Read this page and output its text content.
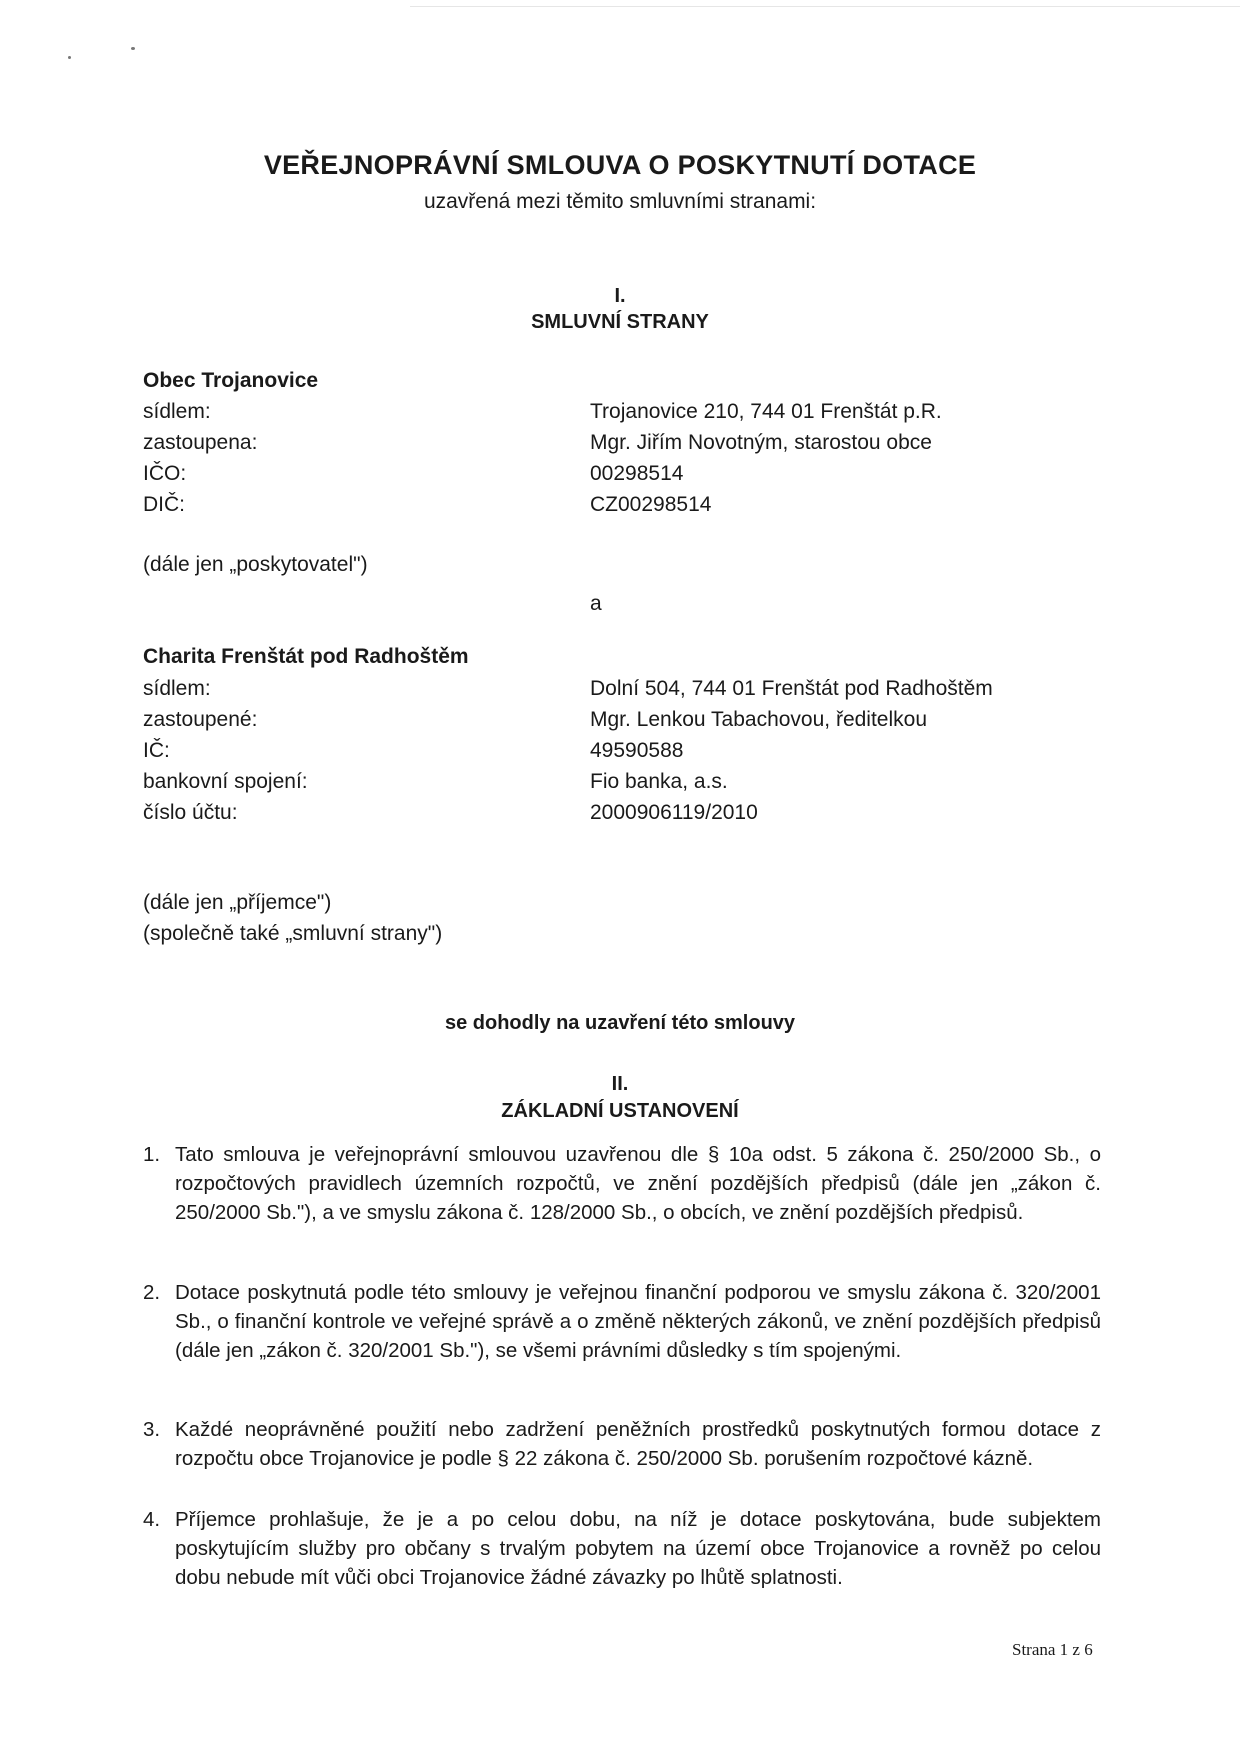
VEŘEJNOPRÁVNÍ SMLOUVA O POSKYTNUTÍ DOTACE
uzavřená mezi těmito smluvními stranami:
I.
SMLUVNÍ STRANY
Obec Trojanovice
sídlem:	Trojanovice 210, 744 01 Frenštát p.R.
zastoupena:	Mgr. Jiřím Novotným, starostou obce
IČO:	00298514
DIČ:	CZ00298514
(dále jen „poskytovatel")
a
Charita Frenštát pod Radhoštěm
sídlem:	Dolní 504, 744 01 Frenštát pod Radhoštěm
zastoupené:	Mgr. Lenkou Tabachovou, ředitelkou
IČ:	49590588
bankovní spojení:	Fio banka, a.s.
číslo účtu:	2000906119/2010
(dále jen „příjemce")
(společně také „smluvní strany")
se dohodly na uzavření této smlouvy
II.
ZÁKLADNÍ USTANOVENÍ
1. Tato smlouva je veřejnoprávní smlouvou uzavřenou dle § 10a odst. 5 zákona č. 250/2000 Sb., o rozpočtových pravidlech územních rozpočtů, ve znění pozdějších předpisů (dále jen „zákon č. 250/2000 Sb."), a ve smyslu zákona č. 128/2000 Sb., o obcích, ve znění pozdějších předpisů.
2. Dotace poskytnutá podle této smlouvy je veřejnou finanční podporou ve smyslu zákona č. 320/2001 Sb., o finanční kontrole ve veřejné správě a o změně některých zákonů, ve znění pozdějších předpisů (dále jen „zákon č. 320/2001 Sb."), se všemi právními důsledky s tím spojenými.
3. Každé neoprávněné použití nebo zadržení peněžních prostředků poskytnutých formou dotace z rozpočtu obce Trojanovice je podle § 22 zákona č. 250/2000 Sb. porušením rozpočtové kázně.
4. Příjemce prohlašuje, že je a po celou dobu, na níž je dotace poskytována, bude subjektem poskytujícím služby pro občany s trvalým pobytem na území obce Trojanovice a rovněž po celou dobu nebude mít vůči obci Trojanovice žádné závazky po lhůtě splatnosti.
Strana 1 z 6
